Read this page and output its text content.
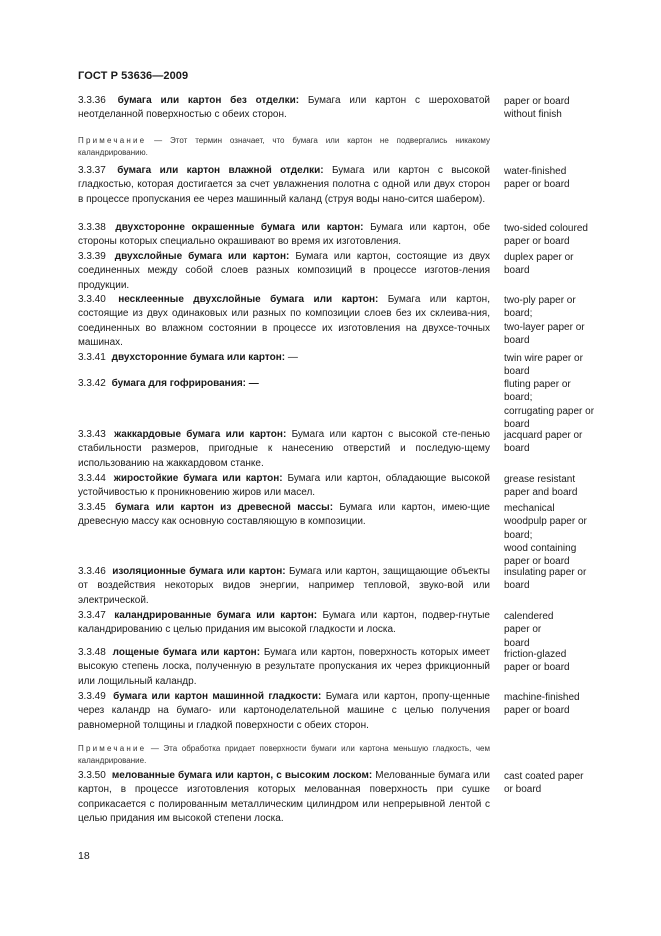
ГОСТ Р 53636—2009
3.3.36 бумага или картон без отделки: Бумага или картон с шероховатой неотделанной поверхностью с обеих сторон.
paper or board
without finish
Примечание — Этот термин означает, что бумага или картон не подвергались никакому каландрированию.
3.3.37 бумага или картон влажной отделки: Бумага или картон с высокой гладкостью, которая достигается за счет увлажнения полотна с одной или двух сторон в процессе пропускания ее через машинный каланд (струя воды нано-сится шабером).
water-finished
paper or board
3.3.38 двухсторонне окрашенные бумага или картон: Бумага или картон, обе стороны которых специально окрашивают во время их изготовления.
two-sided coloured
paper or board
3.3.39 двухслойные бумага или картон: Бумага или картон, состоящие из двух соединенных между собой слоев разных композиций в процессе изготов-ления продукции.
duplex paper or
board
3.3.40 несклеенные двухслойные бумага или картон: Бумага или картон, состоящие из двух одинаковых или разных по композиции слоев без их склеива-ния, соединенных во влажном состоянии в процессе их изготовления на двухсе-точных машинах.
two-ply paper or
board;
two-layer paper or
board
3.3.41 двухсторонние бумага или картон: —	twin wire paper or
board
3.3.42 бумага для гофрирования: —	fluting paper or
board;
corrugating paper or
board
3.3.43 жаккардовые бумага или картон: Бумага или картон с высокой сте-пенью стабильности размеров, пригодные к нанесению отверстий и последую-щему использованию на жаккардовом станке.
jacquard paper or
board
3.3.44 жиростойкие бумага или картон: Бумага или картон, обладающие высокой устойчивостью к проникновению жиров или масел.
grease resistant
paper and board
3.3.45 бумага или картон из древесной массы: Бумага или картон, имею-щие древесную массу как основную составляющую в композиции.
mechanical
woodpulp paper or
board;
wood containing
paper or board
3.3.46 изоляционные бумага или картон: Бумага или картон, защищающие объекты от воздействия некоторых видов энергии, например тепловой, звуко-вой или электрической.
insulating paper or
board
3.3.47 каландрированные бумага или картон: Бумага или картон, подвер-гнутые каландрированию с целью придания им высокой гладкости и лоска.
calendered
paper or
board
3.3.48 лощеные бумага или картон: Бумага или картон, поверхность которых имеет высокую степень лоска, полученную в результате пропускания их через фрикционный или лощильный каландр.
friction-glazed
paper or board
3.3.49 бумага или картон машинной гладкости: Бумага или картон, пропу-щенные через каландр на бумаго- или картоноделательной машине с целью получения равномерной толщины и гладкой поверхности с обеих сторон.
machine-finished
paper or board
Примечание — Эта обработка придает поверхности бумаги или картона меньшую гладкость, чем каландрирование.
3.3.50 мелованные бумага или картон, с высоким лоском: Мелованные бумага или картон, в процессе изготовления которых мелованная поверхность при сушке соприкасается с полированным металлическим цилиндром или непрерывной лентой с целью придания им высокой степени лоска.
cast coated paper
or board
18
